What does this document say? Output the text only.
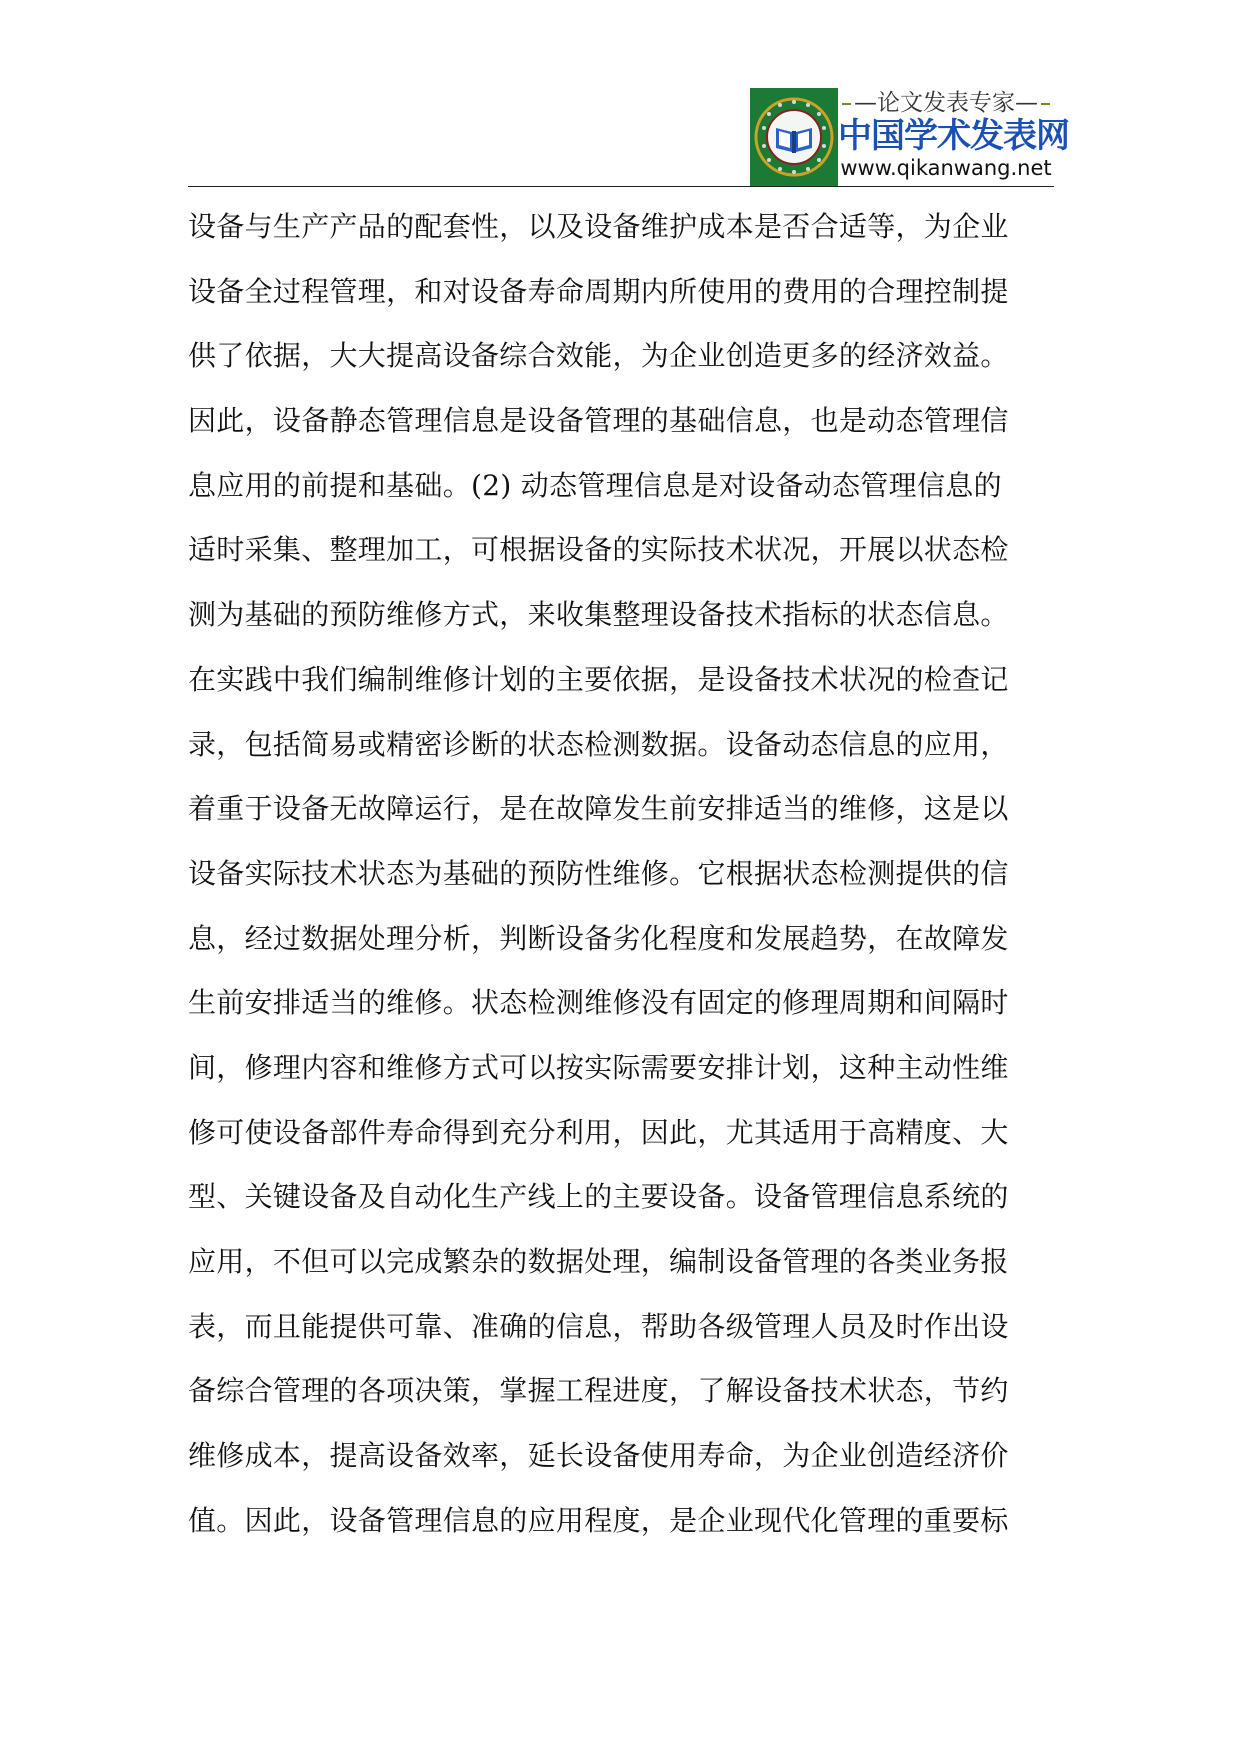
—论文发表专家—
中国学术发表网
www.qikanwang.net
设备与生产产品的配套性，以及设备维护成本是否合适等，为企业
设备全过程管理，和对设备寿命周期内所使用的费用的合理控制提
供了依据，大大提高设备综合效能，为企业创造更多的经济效益。
因此，设备静态管理信息是设备管理的基础信息，也是动态管理信
息应用的前提和基础。(2) 动态管理信息是对设备动态管理信息的
适时采集、整理加工，可根据设备的实际技术状况，开展以状态检
测为基础的预防维修方式，来收集整理设备技术指标的状态信息。
在实践中我们编制维修计划的主要依据，是设备技术状况的检查记
录，包括简易或精密诊断的状态检测数据。设备动态信息的应用，
着重于设备无故障运行，是在故障发生前安排适当的维修，这是以
设备实际技术状态为基础的预防性维修。它根据状态检测提供的信
息，经过数据处理分析，判断设备劣化程度和发展趋势，在故障发
生前安排适当的维修。状态检测维修没有固定的修理周期和间隔时
间，修理内容和维修方式可以按实际需要安排计划，这种主动性维
修可使设备部件寿命得到充分利用，因此，尤其适用于高精度、大
型、关键设备及自动化生产线上的主要设备。设备管理信息系统的
应用，不但可以完成繁杂的数据处理，编制设备管理的各类业务报
表，而且能提供可靠、准确的信息，帮助各级管理人员及时作出设
备综合管理的各项决策，掌握工程进度，了解设备技术状态，节约
维修成本，提高设备效率，延长设备使用寿命，为企业创造经济价
值。因此，设备管理信息的应用程度，是企业现代化管理的重要标
